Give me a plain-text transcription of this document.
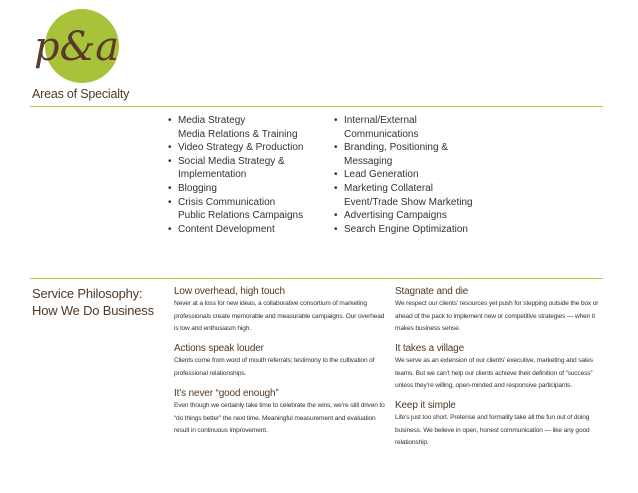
p&a
Areas of Specialty
• Media Strategy
Media Relations & Training
• Video Strategy & Production
• Social Media Strategy &
Implementation
• Blogging
• Crisis Communication
Public Relations Campaigns
• Content Development
• Internal/External
Communications
• Branding, Positioning &
Messaging
• Lead Generation
• Marketing Collateral
Event/Trade Show Marketing
• Advertising Campaigns
• Search Engine Optimization
Service Philosophy:
How We Do Business
Low overhead, high touch

Never at a loss for new ideas, a collaborative consortium of marketing professionals create memorable and measurable campaigns. Our overhead is low and enthusiasm high.

Actions speak louder

Clients come from word of mouth referrals; testimony to the cultivation of professional relationships.

It’s never “good enough”

Even though we certainly take time to celebrate the wins, we’re still driven to “do things better” the next time. Meaningful measurement and evaluation result in continuous improvement.

Stagnate and die

We respect our clients’ resources yet push for stepping outside the box or ahead of the pack to implement new or competitive strategies — when it makes business sense.

It takes a village

We serve as an extension of our clients’ executive, marketing and sales teams. But we can’t help our clients achieve their definition of “success” unless they’re willing, open-minded and responsive participants.

Keep it simple

Life’s just too short. Pretense and formality take all the fun out of doing business. We believe in open, honest communication — like any good relationship.
